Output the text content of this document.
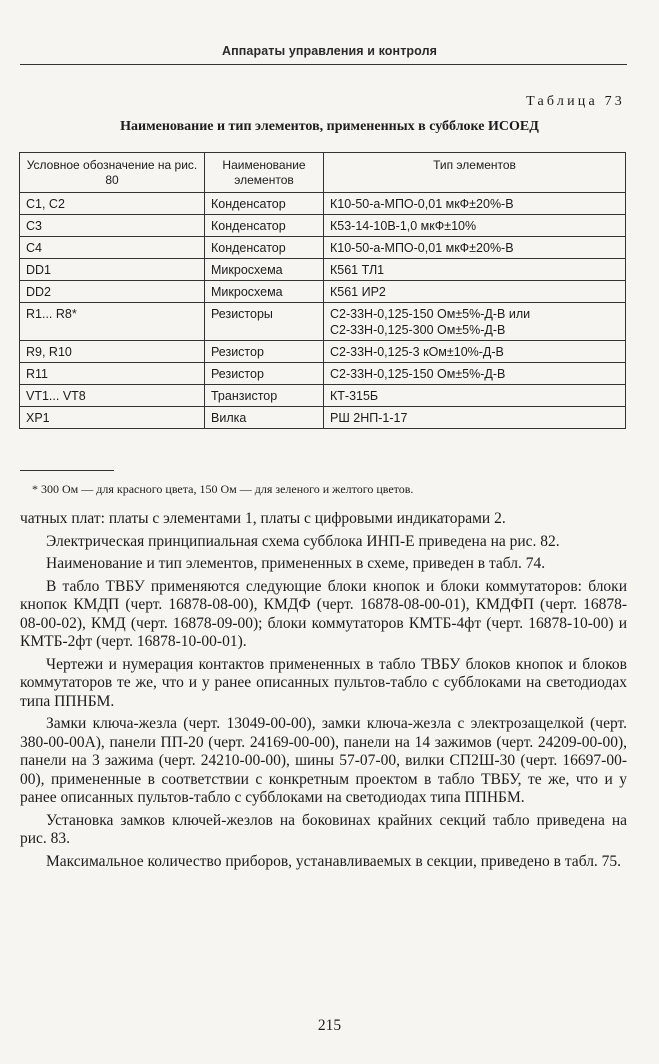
Аппараты управления и контроля
Таблица 73
Наименование и тип элементов, примененных в субблоке ИСОЕД
Условное обозначение на рис. 80	Наименование элементов	Тип элементов
C1, C2	Конденсатор	К10-50-а-МПО-0,01 мкФ±20%-В
C3	Конденсатор	К53-14-10В-1,0 мкФ±10%
C4	Конденсатор	К10-50-а-МПО-0,01 мкФ±20%-В
DD1	Микросхема	К561 ТЛ1
DD2	Микросхема	К561 ИР2
R1... R8*	Резисторы	С2-33Н-0,125-150 Ом±5%-Д-В или
С2-33Н-0,125-300 Ом±5%-Д-В

R9, R10	Резистор	С2-33Н-0,125-3 кОм±10%-Д-В
R11	Резистор	С2-33Н-0,125-150 Ом±5%-Д-В
VT1... VT8	Транзистор	КТ-315Б
XP1	Вилка	РШ 2НП-1-17
* 300 Ом — для красного цвета, 150 Ом — для зеленого и желтого цветов.

чатных плат: платы с элементами 1, платы с цифровыми индикаторами 2.

Электрическая принципиальная схема субблока ИНП-Е приведена на рис. 82.

Наименование и тип элементов, примененных в схеме, приведен в табл. 74.

В табло ТВБУ применяются следующие блоки кнопок и блоки коммутаторов: блоки кнопок КМДП (черт. 16878-08-00), КМДФ (черт. 16878-08-00-01), КМДФП (черт. 16878-08-00-02), КМД (черт. 16878-09-00); блоки коммутаторов КМТБ-4фт (черт. 16878-10-00) и КМТБ-2фт (черт. 16878-10-00-01).

Чертежи и нумерация контактов примененных в табло ТВБУ блоков кнопок и блоков коммутаторов те же, что и у ранее описанных пультов-табло с субблоками на светодиодах типа ППНБМ.

Замки ключа-жезла (черт. 13049-00-00), замки ключа-жезла с электрозащелкой (черт. 380-00-00А), панели ПП-20 (черт. 24169-00-00), панели на 14 зажимов (черт. 24209-00-00), панели на 3 зажима (черт. 24210-00-00), шины 57-07-00, вилки СП2Ш-30 (черт. 16697-00-00), примененные в соответствии с конкретным проектом в табло ТВБУ, те же, что и у ранее описанных пультов-табло с субблоками на светодиодах типа ППНБМ.

Установка замков ключей-жезлов на боковинах крайних секций табло приведена на рис. 83.

Максимальное количество приборов, устанавливаемых в секции, приведено в табл. 75.

215
